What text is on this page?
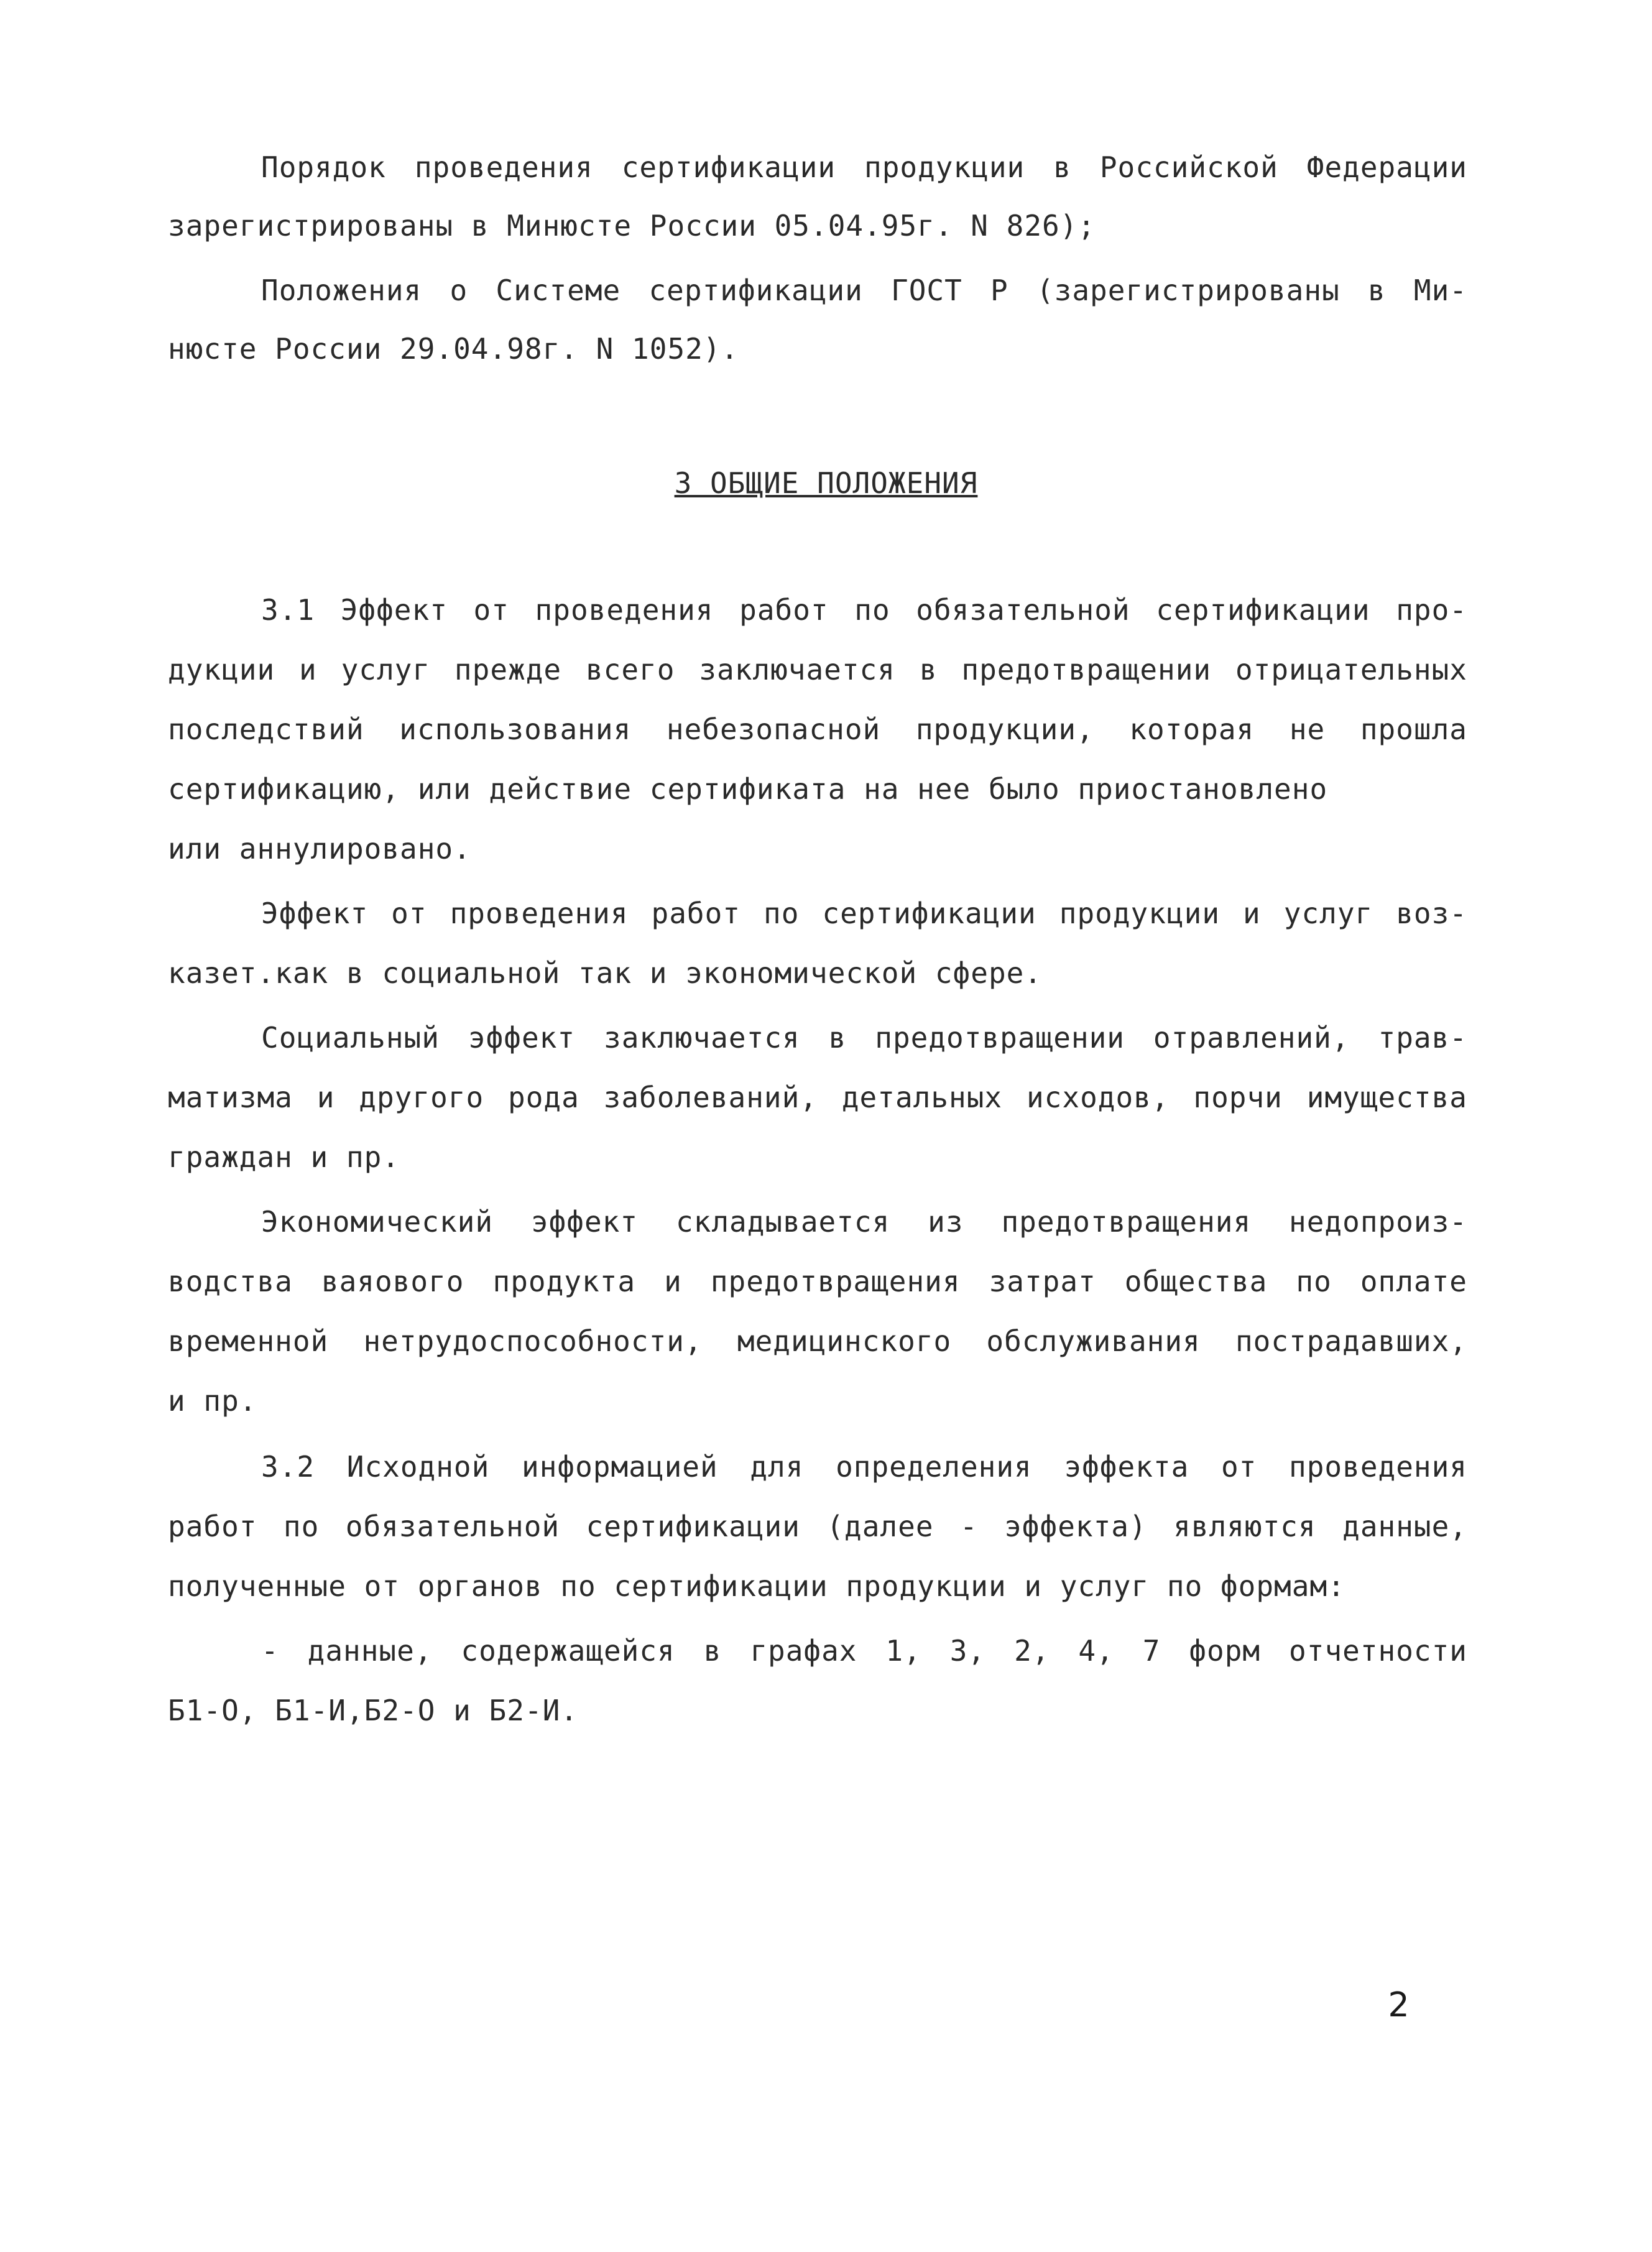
Порядок проведения сертификации продукции в Российской Федерации
зарегистрированы в Минюсте России 05.04.95г. N 826);
Положения о Системе сертификации ГОСТ Р (зарегистрированы в Ми-
нюсте России 29.04.98г. N 1052).
3 ОБЩИЕ ПОЛОЖЕНИЯ
3.1 Эффект от проведения работ по обязательной сертификации про-
дукции и услуг прежде всего заключается в предотвращении отрицательных
последствий использования небезопасной продукции, которая не прошла
сертификацию, или действие сертификата на нее было приостановлено
или аннулировано.
Эффект от проведения работ по сертификации продукции и услуг воз-
казет.как в социальной так и экономической сфере.
Социальный эффект заключается в предотвращении отравлений, трав-
матизма и другого рода заболеваний, детальных исходов, порчи имущества
граждан и пр.
Экономический эффект складывается из предотвращения недопроиз-
водства ваяового продукта и предотвращения затрат общества по оплате
временной нетрудоспособности, медицинского обслуживания пострадавших,
и пр.
3.2 Исходной информацией для определения эффекта от проведения
работ по обязательной сертификации (далее - эффекта) являются данные,
полученные от органов по сертификации продукции и услуг по формам:
- данные, содержащейся в графах 1, 3, 2, 4, 7 форм отчетности
Б1-О, Б1-И,Б2-О и Б2-И.
2
